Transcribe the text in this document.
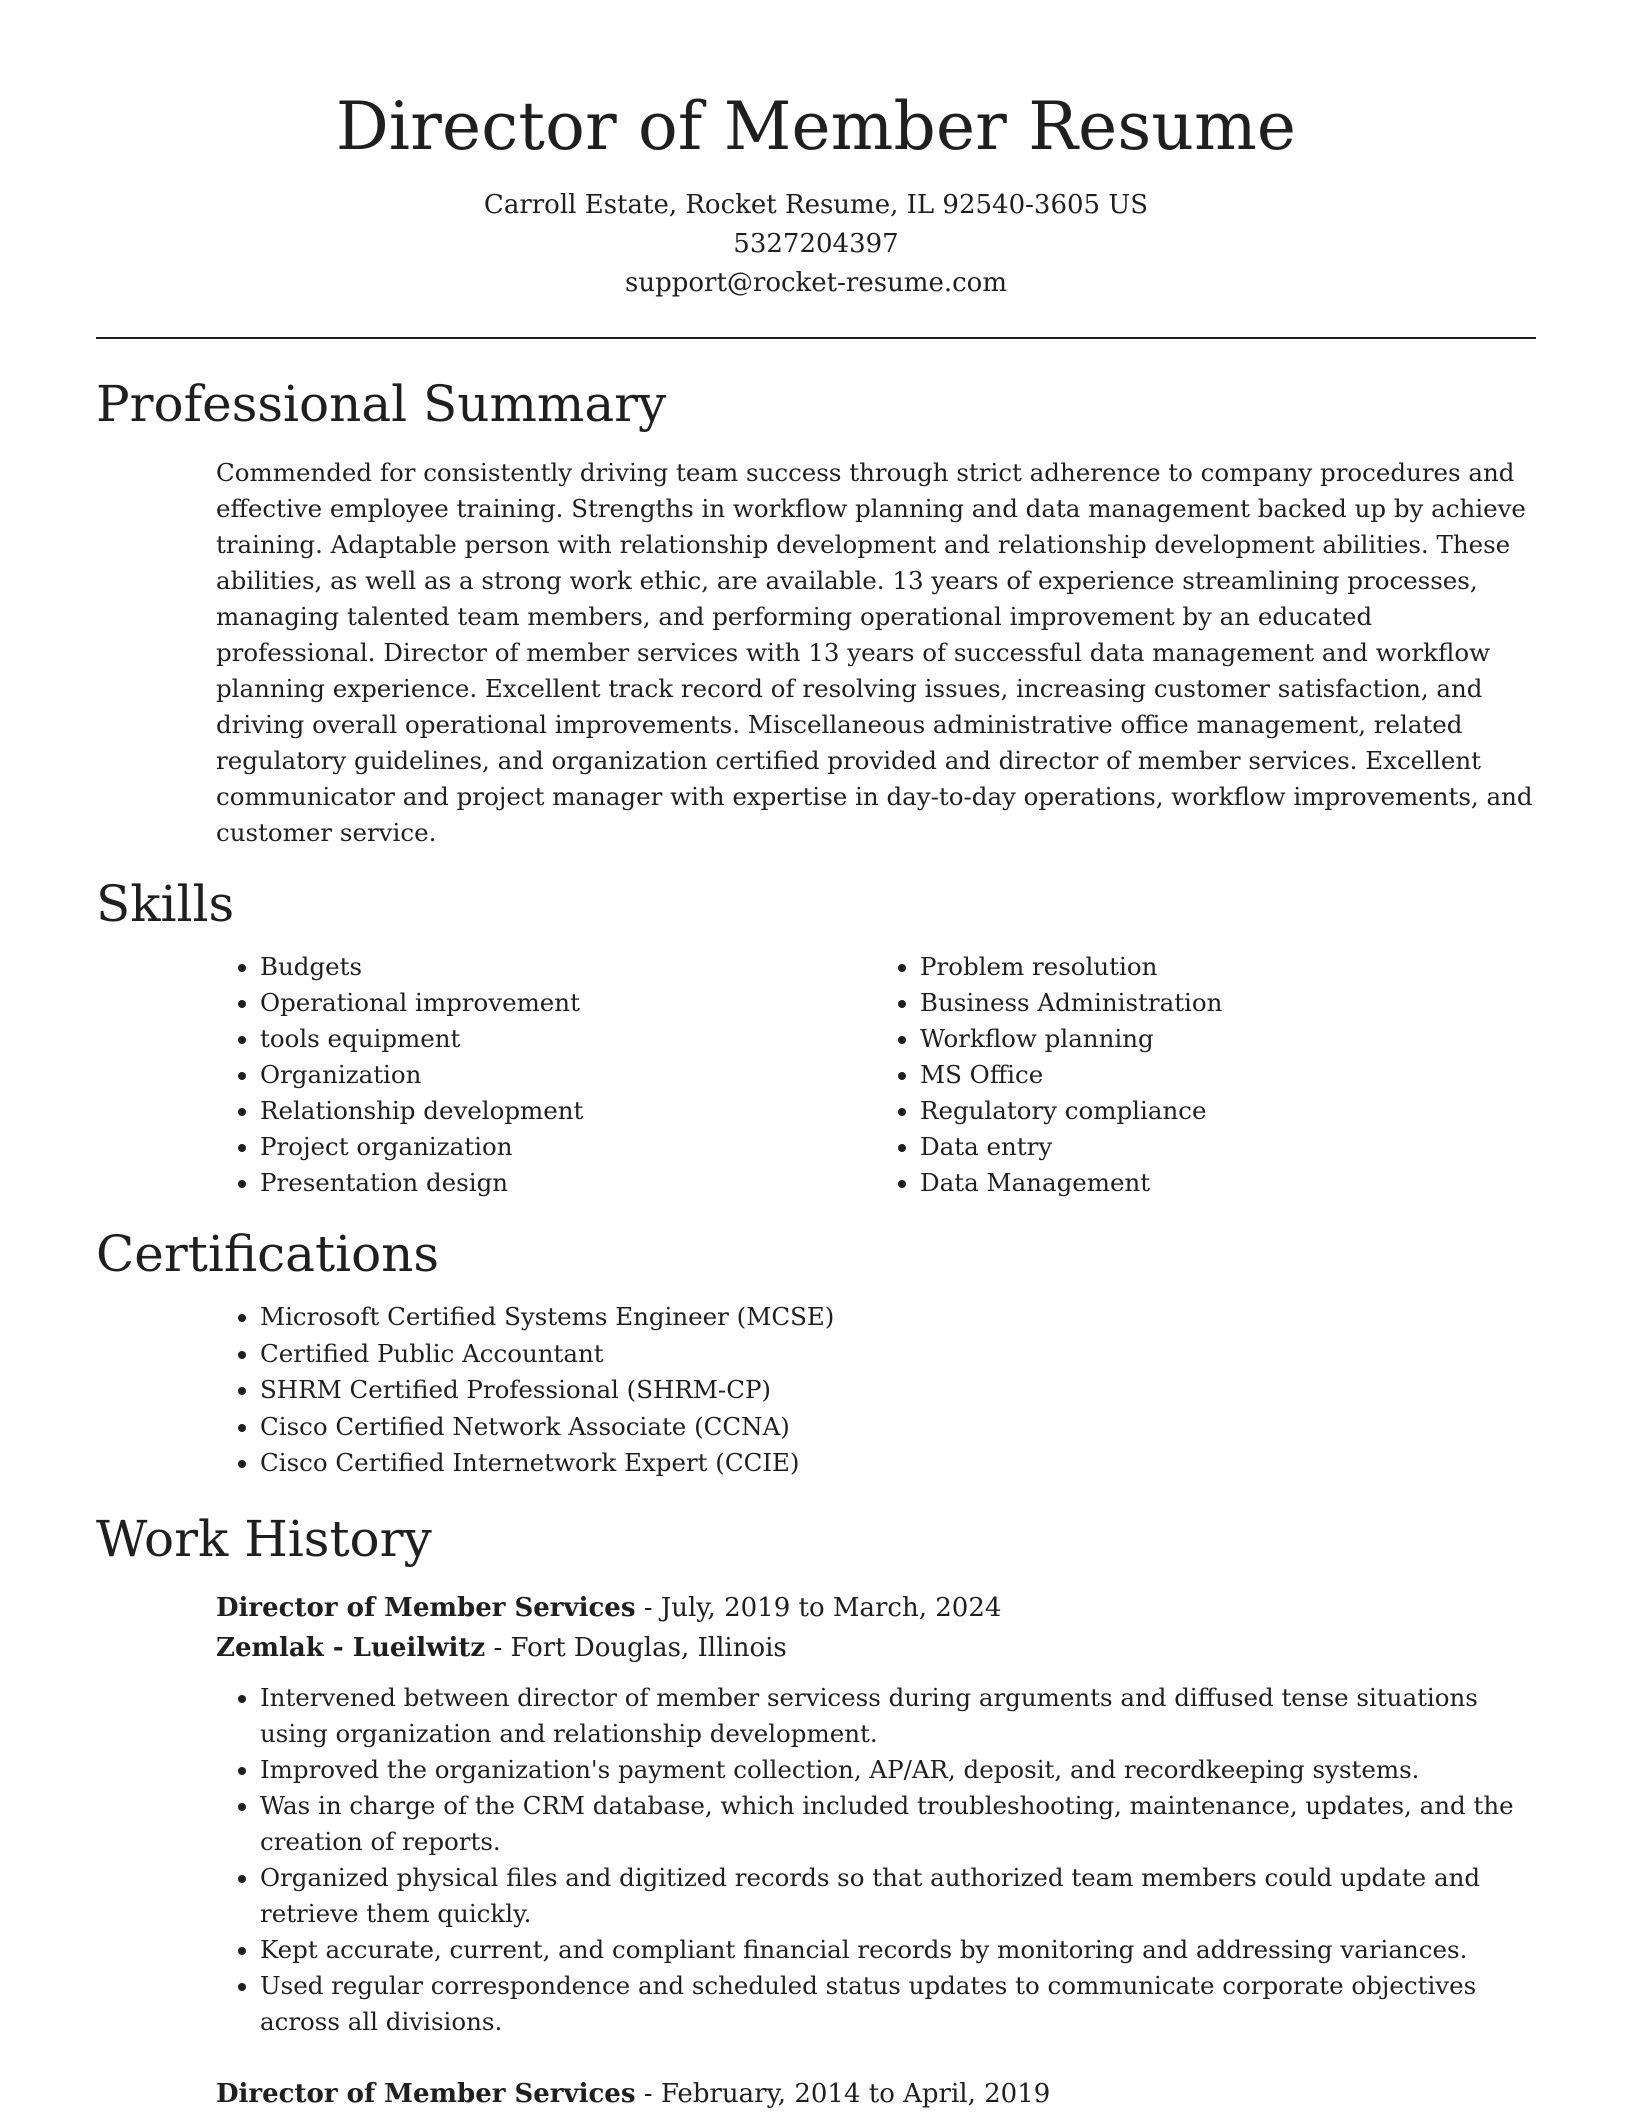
Director of Member Resume
Carroll Estate, Rocket Resume, IL 92540-3605 US
5327204397
support@rocket-resume.com
Professional Summary

Commended for consistently driving team success through strict adherence to company procedures and effective employee training. Strengths in workflow planning and data management backed up by achieve training. Adaptable person with relationship development and relationship development abilities. These abilities, as well as a strong work ethic, are available. 13 years of experience streamlining processes, managing talented team members, and performing operational improvement by an educated professional. Director of member services with 13 years of successful data management and workflow planning experience. Excellent track record of resolving issues, increasing customer satisfaction, and driving overall operational improvements. Miscellaneous administrative office management, related regulatory guidelines, and organization certified provided and director of member services. Excellent communicator and project manager with expertise in day-to-day operations, workflow improvements, and customer service.

Skills
• Budgets
• Operational improvement
• tools equipment
• Organization
• Relationship development
• Project organization
• Presentation design
• Problem resolution
• Business Administration
• Workflow planning
• MS Office
• Regulatory compliance
• Data entry
• Data Management
Certifications
• Microsoft Certified Systems Engineer (MCSE)
• Certified Public Accountant
• SHRM Certified Professional (SHRM-CP)
• Cisco Certified Network Associate (CCNA)
• Cisco Certified Internetwork Expert (CCIE)
Work History
Director of Member Services - July, 2019 to March, 2024
Zemlak - Lueilwitz - Fort Douglas, Illinois
• Intervened between director of member servicess during arguments and diffused tense situations using organization and relationship development.
• Improved the organization's payment collection, AP/AR, deposit, and recordkeeping systems.
• Was in charge of the CRM database, which included troubleshooting, maintenance, updates, and the creation of reports.
• Organized physical files and digitized records so that authorized team members could update and retrieve them quickly.
• Kept accurate, current, and compliant financial records by monitoring and addressing variances.
• Used regular correspondence and scheduled status updates to communicate corporate objectives across all divisions.
Director of Member Services - February, 2014 to April, 2019
